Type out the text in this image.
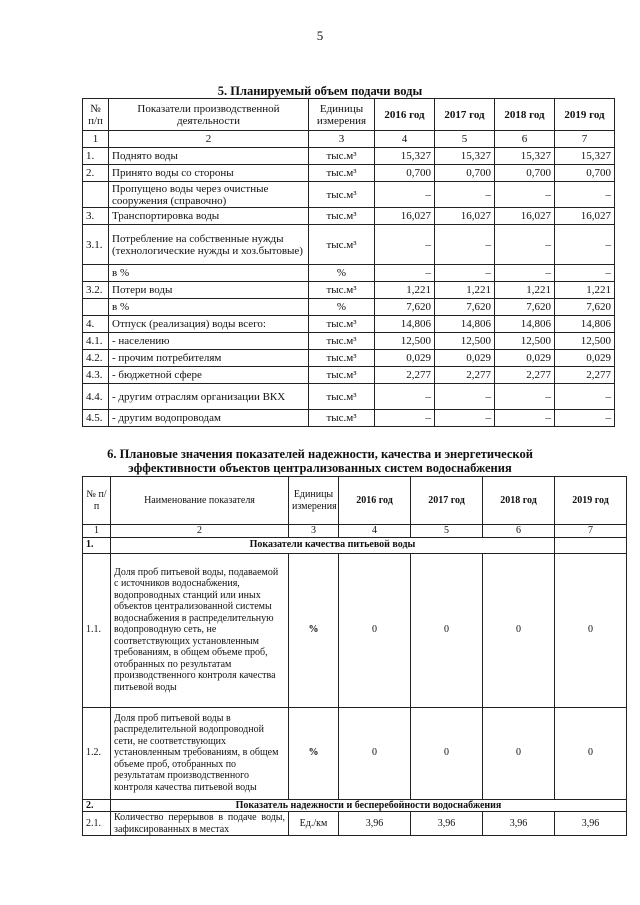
5
5. Планируемый объем подачи воды
№ п/п	Показатели производственной деятельности	Единицы измерения	2016 год	2017 год	2018 год	2019 год
1	2	3	4	5	6	7
1.	Поднято воды	тыс.м³	15,327	15,327	15,327	15,327
2.	Принято воды со стороны	тыс.м³	0,700	0,700	0,700	0,700
	Пропущено воды через очистные сооружения (справочно)	тыс.м³	–	–	–	–
3.	Транспортировка воды	тыс.м³	16,027	16,027	16,027	16,027
3.1.	Потребление на собственные нужды (технологические нужды и хоз.бытовые)	тыс.м³	–	–	–	–
	в %	%	–	–	–	–
3.2.	Потери воды	тыс.м³	1,221	1,221	1,221	1,221
	в %	%	7,620	7,620	7,620	7,620
4.	Отпуск (реализация) воды всего:	тыс.м³	14,806	14,806	14,806	14,806
4.1.	- населению	тыс.м³	12,500	12,500	12,500	12,500
4.2.	- прочим потребителям	тыс.м³	0,029	0,029	0,029	0,029
4.3.	- бюджетной сфере	тыс.м³	2,277	2,277	2,277	2,277
4.4.	- другим отраслям организации ВКХ	тыс.м³	–	–	–	–
4.5.	- другим водопроводам	тыс.м³	–	–	–	–
6. Плановые значения показателей надежности, качества и энергетической
эффективности объектов централизованных систем водоснабжения
№ п/п	Наименование показателя	Единицы измерения	2016 год	2017 год	2018 год	2019 год
1	2	3	4	5	6	7
1.	Показатели качества питьевой воды					
1.1.	Доля проб питьевой воды, подаваемой с источников водоснабжения, водопроводных станций или иных объектов централизованной системы водоснабжения в распределительную водопроводную сеть, не соответствующих установленным требованиям, в общем объеме проб, отобранных по результатам производственного контроля качества питьевой воды	%	0	0	0	0
1.2.	Доля проб питьевой воды в распределительной водопроводной сети, не соответствующих установленным требованиям, в общем объеме проб, отобранных по результатам производственного контроля качества питьевой воды	%	0	0	0	0
2.	Показатель надежности и бесперебойности водоснабжения					
2.1.	Количество перерывов в подаче воды, зафиксированных в местах	Ед./км	3,96	3,96	3,96	3,96
